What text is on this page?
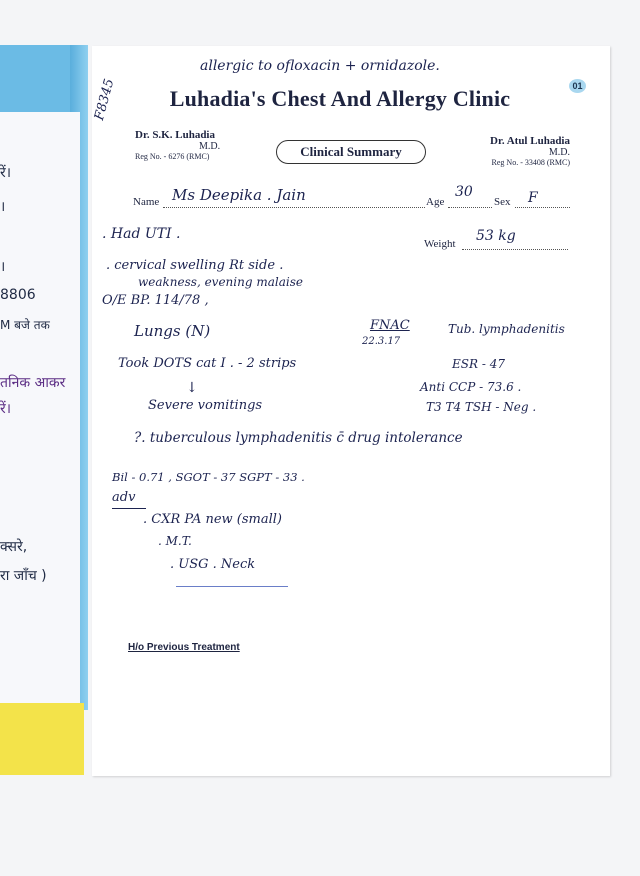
रें।
।
।
8806
M बजे तक
तनिक आकर
रें।
क्सरे,
रा जाँच )
01
F8345
allergic to ofloxacin + ornidazole.
Luhadia's Chest And Allergy Clinic
Dr. S.K. Luhadia
M.D.
Reg No. - 6276 (RMC)
Dr. Atul Luhadia
M.D.
Reg No. - 33408 (RMC)
Clinical Summary
Name Ms Deepika . Jain	Age
30
Sex F
Weight 53 kg
. Had UTI .
. cervical swelling Rt side .
weakness, evening malaise
O/E BP. 114/78 ,
Lungs (N)	FNAC
22.3.17
Tub. lymphadenitis
Took DOTS cat I . - 2 strips	ESR - 47
↓	Anti CCP - 73.6 .
Severe vomitings	T3 T4 TSH - Neg .
?. tuberculous lymphadenitis c̄ drug intolerance
Bil - 0.71 , SGOT - 37 SGPT - 33 .
adv
. CXR PA new (small)
. M.T.
. USG . Neck
H/o Previous Treatment
